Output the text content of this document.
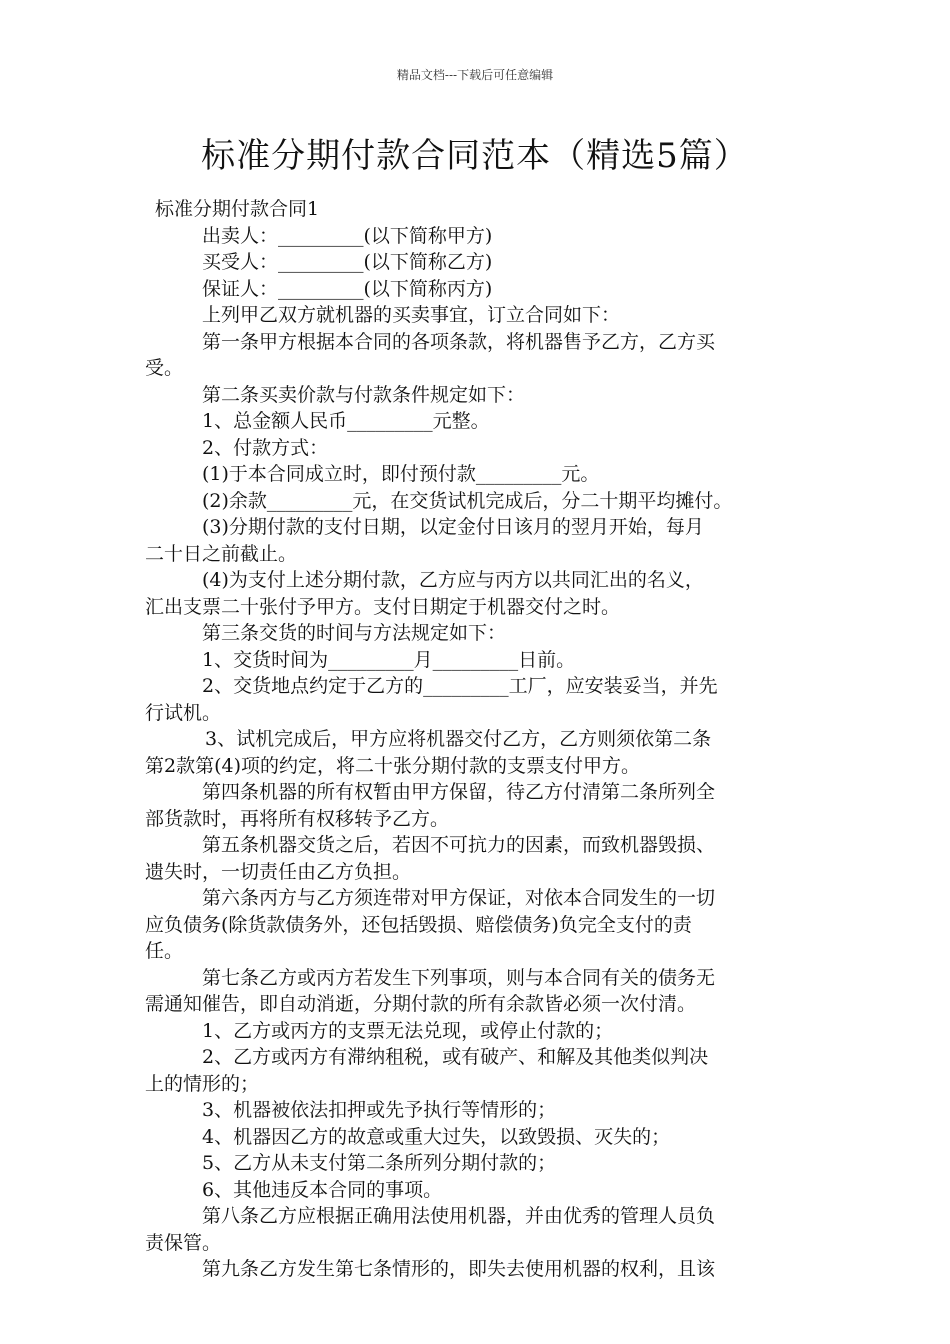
精品文档---下载后可任意编辑
标准分期付款合同范本（精选5篇）

标准分期付款合同1

出卖人：_________(以下简称甲方)

买受人：_________(以下简称乙方)

保证人：_________(以下简称丙方)

上列甲乙双方就机器的买卖事宜，订立合同如下：

第一条甲方根据本合同的各项条款，将机器售予乙方，乙方买

受。

第二条买卖价款与付款条件规定如下：

1、总金额人民币_________元整。

2、付款方式：

(1)于本合同成立时，即付预付款_________元。

(2)余款_________元，在交货试机完成后，分二十期平均摊付。

(3)分期付款的支付日期，以定金付日该月的翌月开始，每月

二十日之前截止。

(4)为支付上述分期付款，乙方应与丙方以共同汇出的名义，

汇出支票二十张付予甲方。支付日期定于机器交付之时。

第三条交货的时间与方法规定如下：

1、交货时间为_________月_________日前。

2、交货地点约定于乙方的_________工厂，应安装妥当，并先

行试机。

3、试机完成后，甲方应将机器交付乙方，乙方则须依第二条

第2款第(4)项的约定，将二十张分期付款的支票支付甲方。

第四条机器的所有权暂由甲方保留，待乙方付清第二条所列全

部货款时，再将所有权移转予乙方。

第五条机器交货之后，若因不可抗力的因素，而致机器毁损、

遗失时，一切责任由乙方负担。

第六条丙方与乙方须连带对甲方保证，对依本合同发生的一切

应负债务(除货款债务外，还包括毁损、赔偿债务)负完全支付的责

任。

第七条乙方或丙方若发生下列事项，则与本合同有关的债务无

需通知催告，即自动消逝，分期付款的所有余款皆必须一次付清。

1、乙方或丙方的支票无法兑现，或停止付款的；

2、乙方或丙方有滞纳租税，或有破产、和解及其他类似判决

上的情形的；

3、机器被依法扣押或先予执行等情形的；

4、机器因乙方的故意或重大过失，以致毁损、灭失的；

5、乙方从未支付第二条所列分期付款的；

6、其他违反本合同的事项。

第八条乙方应根据正确用法使用机器，并由优秀的管理人员负

责保管。

第九条乙方发生第七条情形的，即失去使用机器的权利，且该
